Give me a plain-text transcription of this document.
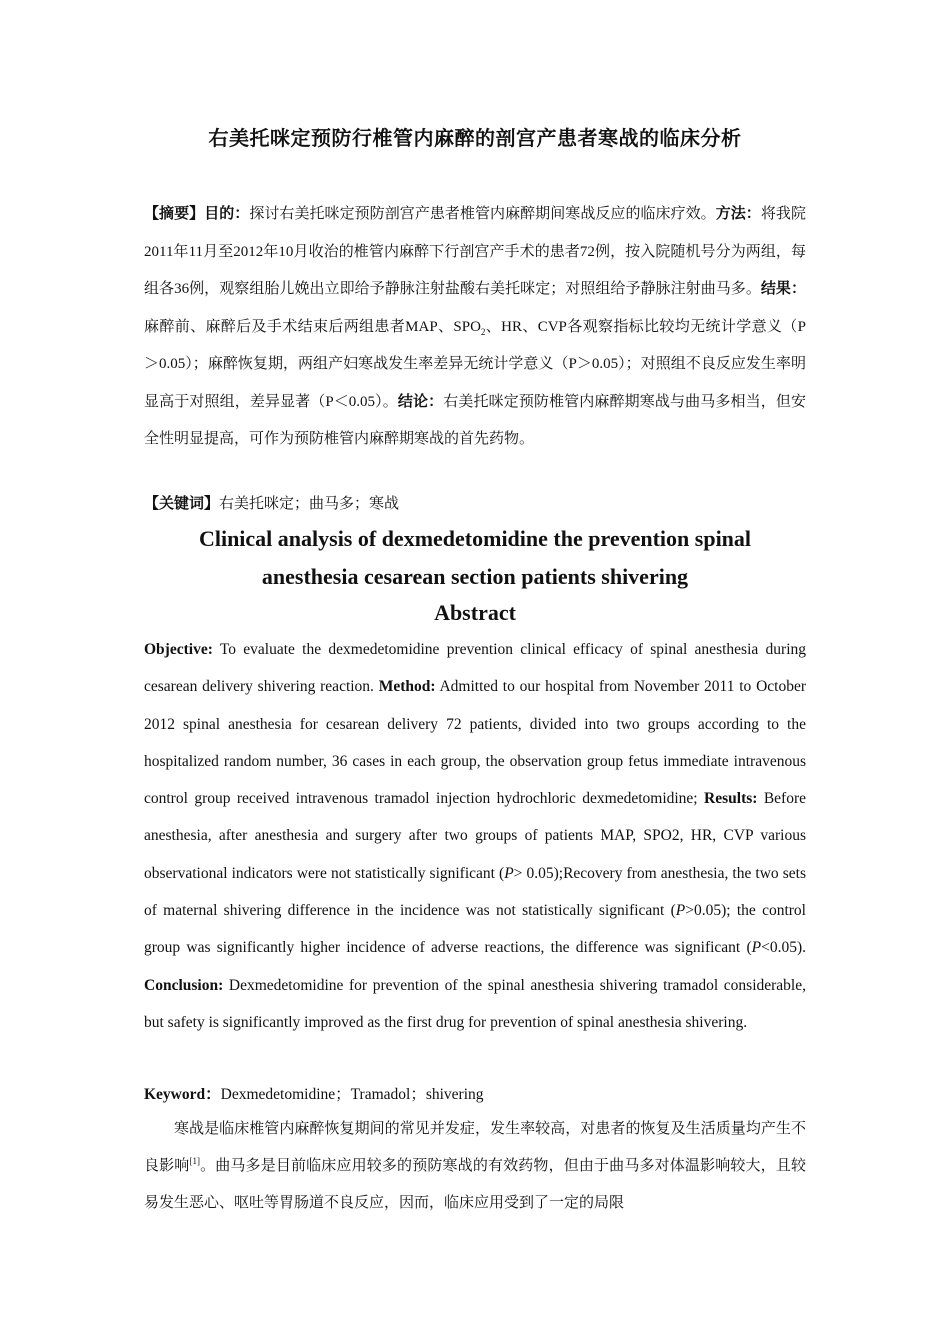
右美托咪定预防行椎管内麻醉的剖宫产患者寒战的临床分析
【摘要】目的：探讨右美托咪定预防剖宫产患者椎管内麻醉期间寒战反应的临床疗效。方法：将我院2011年11月至2012年10月收治的椎管内麻醉下行剖宫产手术的患者72例，按入院随机号分为两组，每组各36例，观察组胎儿娩出立即给予静脉注射盐酸右美托咪定；对照组给予静脉注射曲马多。结果：麻醉前、麻醉后及手术结束后两组患者MAP、$SPO_2$、HR、CVP各观察指标比较均无统计学意义（P＞0.05）；麻醉恢复期，两组产妇寒战发生率差异无统计学意义（P＞0.05）；对照组不良反应发生率明显高于对照组，差异显著（P＜0.05）。结论：右美托咪定预防椎管内麻醉期寒战与曲马多相当，但安全性明显提高，可作为预防椎管内麻醉期寒战的首先药物。
【关键词】右美托咪定；曲马多；寒战
Clinical analysis of dexmedetomidine the prevention spinal anesthesia cesarean section patients shivering
Abstract
Objective: To evaluate the dexmedetomidine prevention clinical efficacy of spinal anesthesia during cesarean delivery shivering reaction. Method: Admitted to our hospital from November 2011 to October 2012 spinal anesthesia for cesarean delivery 72 patients, divided into two groups according to the hospitalized random number, 36 cases in each group, the observation group fetus immediate intravenous control group received intravenous tramadol injection hydrochloric dexmedetomidine; Results: Before anesthesia, after anesthesia and surgery after two groups of patients MAP, SPO2, HR, CVP various observational indicators were not statistically significant (P> 0.05);Recovery from anesthesia, the two sets of maternal shivering difference in the incidence was not statistically significant (P>0.05); the control group was significantly higher incidence of adverse reactions, the difference was significant (P<0.05). Conclusion: Dexmedetomidine for prevention of the spinal anesthesia shivering tramadol considerable, but safety is significantly improved as the first drug for prevention of spinal anesthesia shivering.
Keyword：Dexmedetomidine；Tramadol；shivering
寒战是临床椎管内麻醉恢复期间的常见并发症，发生率较高，对患者的恢复及生活质量均产生不良影响[1]。曲马多是目前临床应用较多的预防寒战的有效药物，但由于曲马多对体温影响较大，且较易发生恶心、呕吐等胃肠道不良反应，因而，临床应用受到了一定的局限
